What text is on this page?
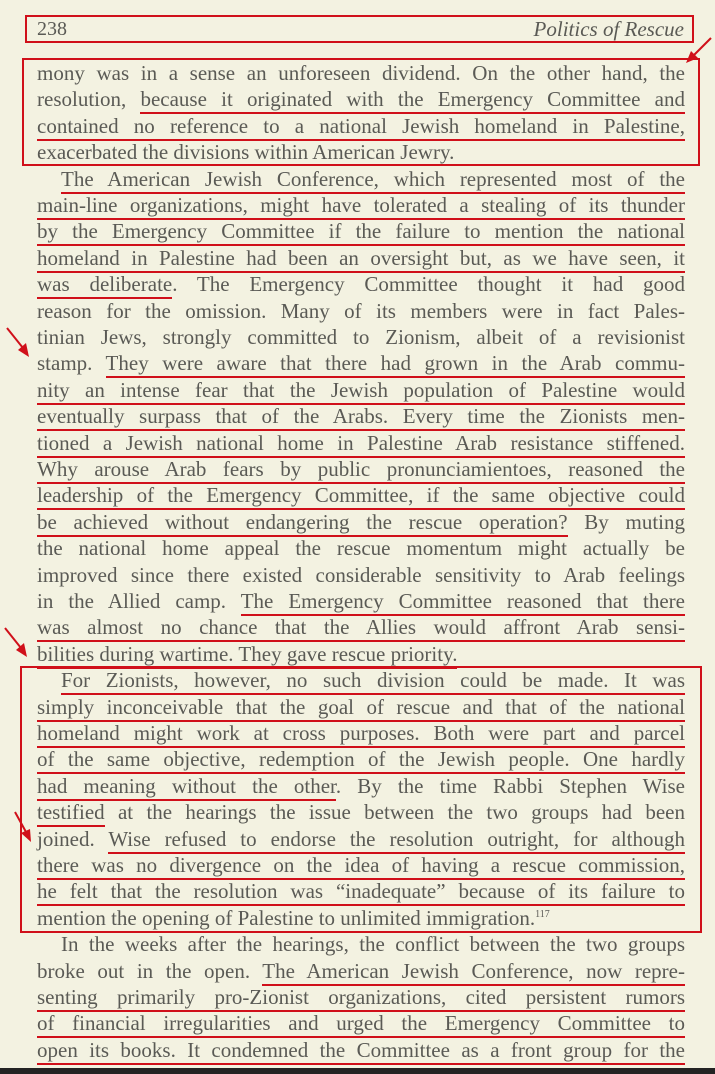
238	Politics of Rescue
mony was in a sense an unforeseen dividend. On the other hand, the
resolution, because it originated with the Emergency Committee and
contained no reference to a national Jewish homeland in Palestine,
exacerbated the divisions within American Jewry.
The American Jewish Conference, which represented most of the
main-line organizations, might have tolerated a stealing of its thunder
by the Emergency Committee if the failure to mention the national
homeland in Palestine had been an oversight but, as we have seen, it
was deliberate. The Emergency Committee thought it had good
reason for the omission. Many of its members were in fact Pales-
tinian Jews, strongly committed to Zionism, albeit of a revisionist
stamp. They were aware that there had grown in the Arab commu-
nity an intense fear that the Jewish population of Palestine would
eventually surpass that of the Arabs. Every time the Zionists men-
tioned a Jewish national home in Palestine Arab resistance stiffened.
Why arouse Arab fears by public pronunciamientoes, reasoned the
leadership of the Emergency Committee, if the same objective could
be achieved without endangering the rescue operation? By muting
the national home appeal the rescue momentum might actually be
improved since there existed considerable sensitivity to Arab feelings
in the Allied camp. The Emergency Committee reasoned that there
was almost no chance that the Allies would affront Arab sensi-
bilities during wartime. They gave rescue priority.
For Zionists, however, no such division could be made. It was
simply inconceivable that the goal of rescue and that of the national
homeland might work at cross purposes. Both were part and parcel
of the same objective, redemption of the Jewish people. One hardly
had meaning without the other. By the time Rabbi Stephen Wise
testified at the hearings the issue between the two groups had been
joined. Wise refused to endorse the resolution outright, for although
there was no divergence on the idea of having a rescue commission,
he felt that the resolution was “inadequate” because of its failure to
mention the opening of Palestine to unlimited immigration.$^{117}$
In the weeks after the hearings, the conflict between the two groups
broke out in the open. The American Jewish Conference, now repre-
senting primarily pro-Zionist organizations, cited persistent rumors
of financial irregularities and urged the Emergency Committee to
open its books. It condemned the Committee as a front group for the
